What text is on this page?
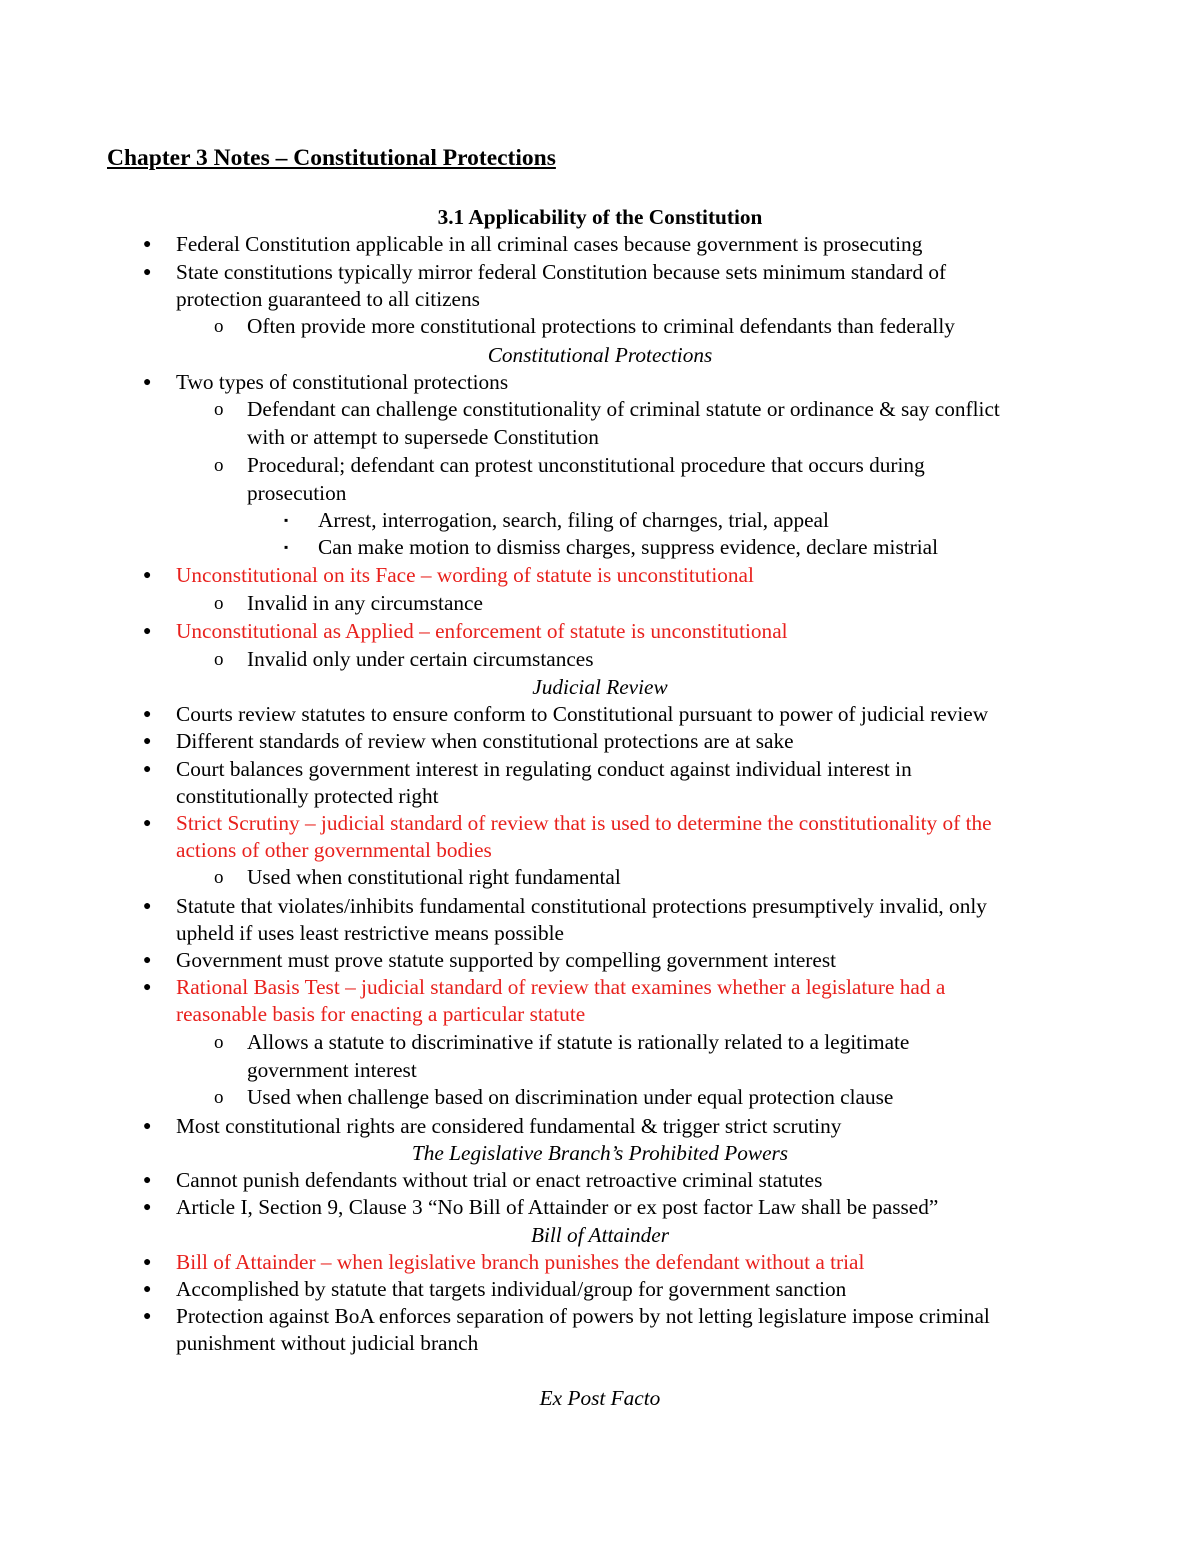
Chapter 3 Notes – Constitutional Protections
3.1 Applicability of the Constitution
● Federal Constitution applicable in all criminal cases because government is prosecuting
● State constitutions typically mirror federal Constitution because sets minimum standard of
protection guaranteed to all citizens
o Often provide more constitutional protections to criminal defendants than federally
Constitutional Protections
● Two types of constitutional protections
o Defendant can challenge constitutionality of criminal statute or ordinance & say conflict
with or attempt to supersede Constitution
o Procedural; defendant can protest unconstitutional procedure that occurs during
prosecution
▪ Arrest, interrogation, search, filing of charnges, trial, appeal
▪ Can make motion to dismiss charges, suppress evidence, declare mistrial
● Unconstitutional on its Face – wording of statute is unconstitutional
o Invalid in any circumstance
● Unconstitutional as Applied – enforcement of statute is unconstitutional
o Invalid only under certain circumstances
Judicial Review
● Courts review statutes to ensure conform to Constitutional pursuant to power of judicial review
● Different standards of review when constitutional protections are at sake
● Court balances government interest in regulating conduct against individual interest in
constitutionally protected right
● Strict Scrutiny – judicial standard of review that is used to determine the constitutionality of the
actions of other governmental bodies
o Used when constitutional right fundamental
● Statute that violates/inhibits fundamental constitutional protections presumptively invalid, only
upheld if uses least restrictive means possible
● Government must prove statute supported by compelling government interest
● Rational Basis Test – judicial standard of review that examines whether a legislature had a
reasonable basis for enacting a particular statute
o Allows a statute to discriminative if statute is rationally related to a legitimate
government interest
o Used when challenge based on discrimination under equal protection clause
● Most constitutional rights are considered fundamental & trigger strict scrutiny
The Legislative Branch’s Prohibited Powers
● Cannot punish defendants without trial or enact retroactive criminal statutes
● Article I, Section 9, Clause 3 “No Bill of Attainder or ex post factor Law shall be passed”
Bill of Attainder
● Bill of Attainder – when legislative branch punishes the defendant without a trial
● Accomplished by statute that targets individual/group for government sanction
● Protection against BoA enforces separation of powers by not letting legislature impose criminal
punishment without judicial branch
Ex Post Facto
